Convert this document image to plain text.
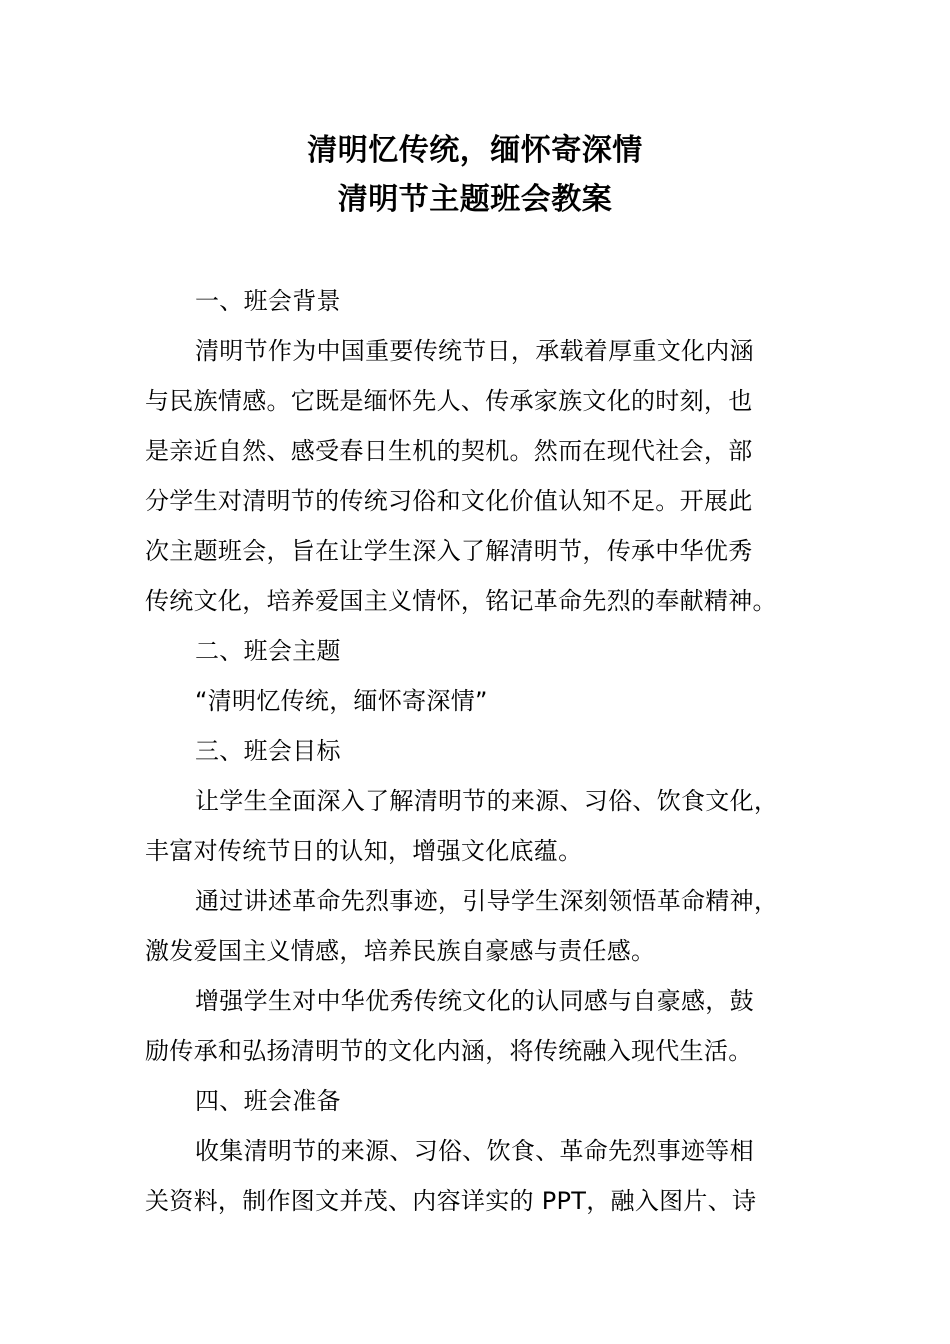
清明忆传统，缅怀寄深情
清明节主题班会教案
一、班会背景
清明节作为中国重要传统节日，承载着厚重文化内涵
与民族情感。它既是缅怀先人、传承家族文化的时刻，也
是亲近自然、感受春日生机的契机。然而在现代社会，部
分学生对清明节的传统习俗和文化价值认知不足。开展此
次主题班会，旨在让学生深入了解清明节，传承中华优秀
传统文化，培养爱国主义情怀，铭记革命先烈的奉献精神。
二、班会主题
“清明忆传统，缅怀寄深情”
三、班会目标
让学生全面深入了解清明节的来源、习俗、饮食文化，
丰富对传统节日的认知，增强文化底蕴。
通过讲述革命先烈事迹，引导学生深刻领悟革命精神，
激发爱国主义情感，培养民族自豪感与责任感。
增强学生对中华优秀传统文化的认同感与自豪感，鼓
励传承和弘扬清明节的文化内涵，将传统融入现代生活。
四、班会准备
收集清明节的来源、习俗、饮食、革命先烈事迹等相
关资料，制作图文并茂、内容详实的 PPT，融入图片、诗
